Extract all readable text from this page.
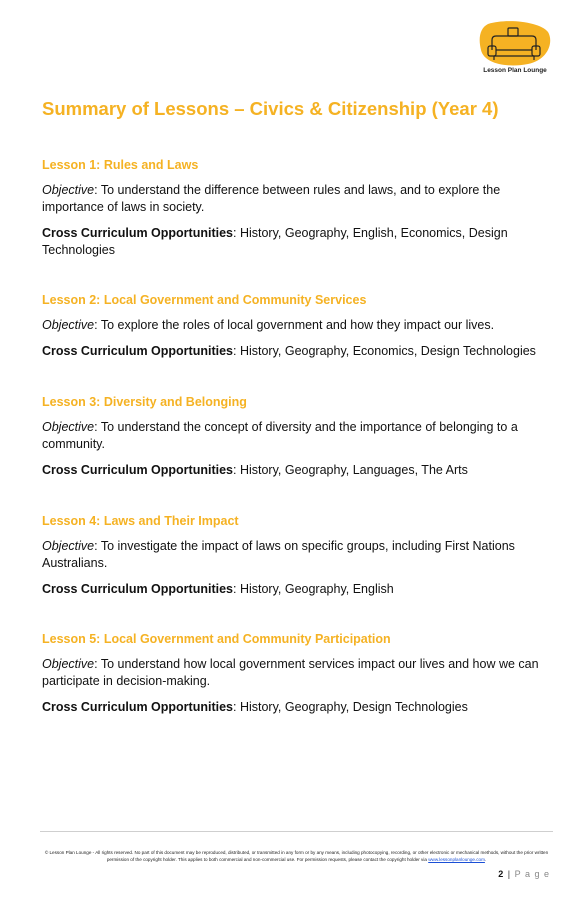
Lesson Plan Lounge
Summary of Lessons – Civics & Citizenship (Year 4)
Lesson 1: Rules and Laws

Objective: To understand the difference between rules and laws, and to explore the importance of laws in society.

Cross Curriculum Opportunities: History, Geography, English, Economics, Design Technologies

Lesson 2: Local Government and Community Services

Objective: To explore the roles of local government and how they impact our lives.

Cross Curriculum Opportunities: History, Geography, Economics, Design Technologies

Lesson 3: Diversity and Belonging

Objective: To understand the concept of diversity and the importance of belonging to a community.

Cross Curriculum Opportunities: History, Geography, Languages, The Arts

Lesson 4: Laws and Their Impact

Objective: To investigate the impact of laws on specific groups, including First Nations Australians.

Cross Curriculum Opportunities: History, Geography, English

Lesson 5: Local Government and Community Participation

Objective: To understand how local government services impact our lives and how we can participate in decision-making.

Cross Curriculum Opportunities: History, Geography, Design Technologies

© Lesson Plan Lounge - All rights reserved. No part of this document may be reproduced, distributed, or transmitted in any form or by any means, including photocopying, recording, or other electronic or mechanical methods, without the prior written permission of the copyright holder. This applies to both commercial and non-commercial use. For permission requests, please contact the copyright holder via www.lessonplanlounge.com.
2 | P a g e
